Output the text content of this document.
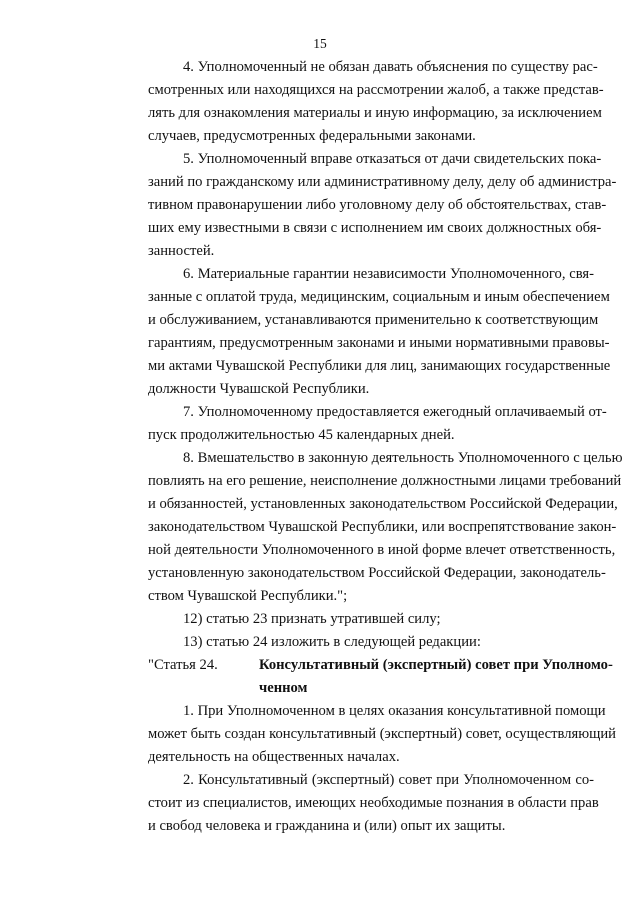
15
4. Уполномоченный не обязан давать объяснения по существу рас-
смотренных или находящихся на рассмотрении жалоб, а также представ-
лять для ознакомления материалы и иную информацию, за исключением
случаев, предусмотренных федеральными законами.
5. Уполномоченный вправе отказаться от дачи свидетельских пока-
заний по гражданскому или административному делу, делу об администра-
тивном правонарушении либо уголовному делу об обстоятельствах, став-
ших ему известными в связи с исполнением им своих должностных обя-
занностей.
6. Материальные гарантии независимости Уполномоченного, свя-
занные с оплатой труда, медицинским, социальным и иным обеспечением
и обслуживанием, устанавливаются применительно к соответствующим
гарантиям, предусмотренным законами и иными нормативными правовы-
ми актами Чувашской Республики для лиц, занимающих государственные
должности Чувашской Республики.
7. Уполномоченному предоставляется ежегодный оплачиваемый от-
пуск продолжительностью 45 календарных дней.
8. Вмешательство в законную деятельность Уполномоченного с целью
повлиять на его решение, неисполнение должностными лицами требований
и обязанностей, установленных законодательством Российской Федерации,
законодательством Чувашской Республики, или воспрепятствование закон-
ной деятельности Уполномоченного в иной форме влечет ответственность,
установленную законодательством Российской Федерации, законодатель-
ством Чувашской Республики.";
12) статью 23 признать утратившей силу;
13) статью 24 изложить в следующей редакции:
"Статья 24.	Консультативный (экспертный) совет при Уполномо-
ченном
1. При Уполномоченном в целях оказания консультативной помощи
может быть создан консультативный (экспертный) совет, осуществляющий
деятельность на общественных началах.
2. Консультативный (экспертный) совет при Уполномоченном со-
стоит из специалистов, имеющих необходимые познания в области прав
и свобод человека и гражданина и (или) опыт их защиты.
